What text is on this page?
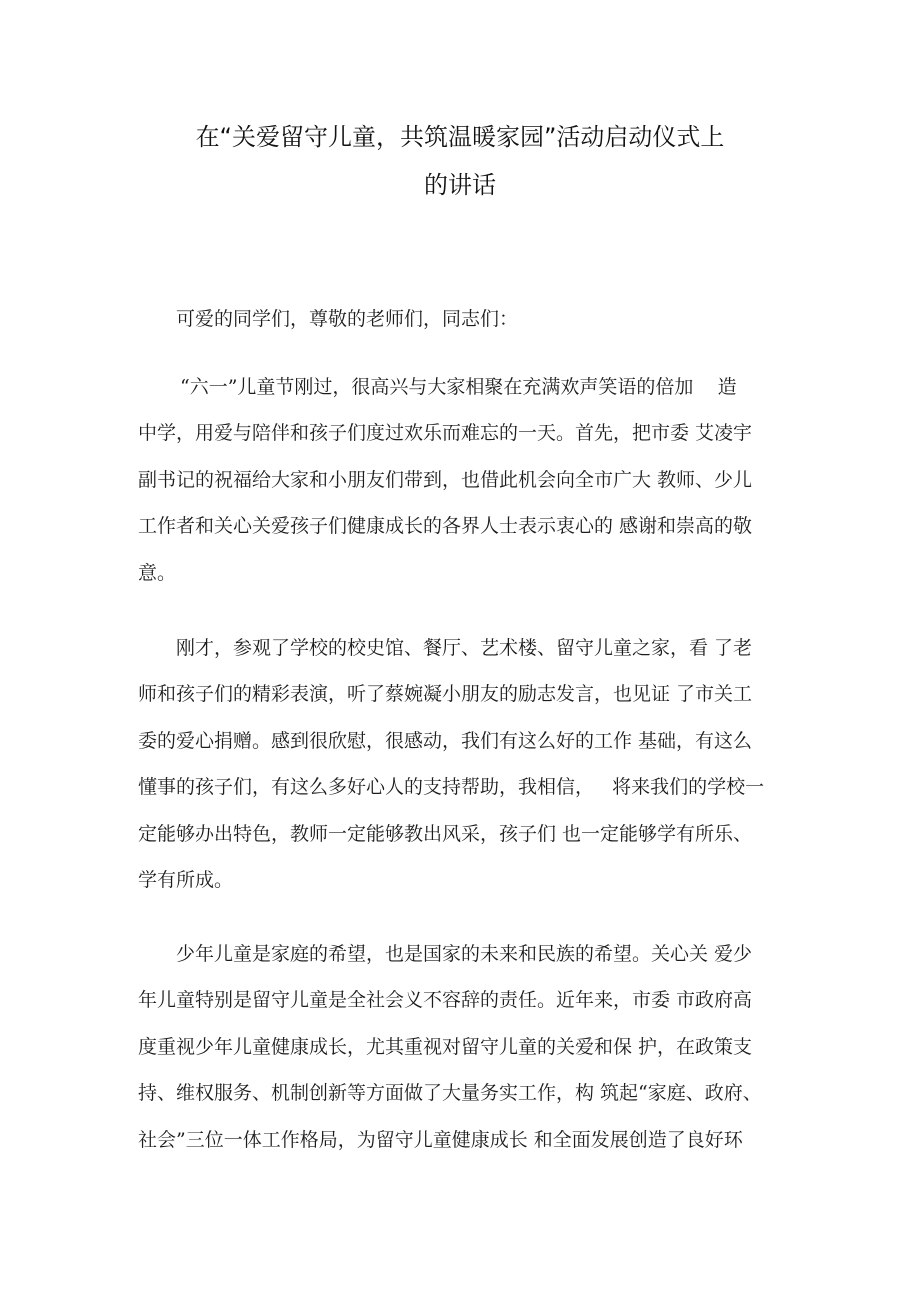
在“关爱留守儿童，共筑温暖家园”活动启动仪式上
的讲话

可爱的同学们，尊敬的老师们，同志们：

“六一”儿童节刚过，很高兴与大家相聚在充满欢声笑语的倍加    造
中学，用爱与陪伴和孩子们度过欢乐而难忘的一天。首先，把市委 艾凌宇
副书记的祝福给大家和小朋友们带到，也借此机会向全市广大 教师、少儿
工作者和关心关爱孩子们健康成长的各界人士表示衷心的 感谢和崇高的敬
意。

刚才，参观了学校的校史馆、餐厅、艺术楼、留守儿童之家，看 了老
师和孩子们的精彩表演，听了蔡婉凝小朋友的励志发言，也见证 了市关工
委的爱心捐赠。感到很欣慰，很感动，我们有这么好的工作 基础，有这么
懂事的孩子们，有这么多好心人的支持帮助，我相信，   将来我们的学校一
定能够办出特色，教师一定能够教出风采，孩子们 也一定能够学有所乐、
学有所成。

少年儿童是家庭的希望，也是国家的未来和民族的希望。关心关 爱少
年儿童特别是留守儿童是全社会义不容辞的责任。近年来，市委 市政府高
度重视少年儿童健康成长，尤其重视对留守儿童的关爱和保 护，在政策支
持、维权服务、机制创新等方面做了大量务实工作，构 筑起“家庭、政府、
社会”三位一体工作格局，为留守儿童健康成长 和全面发展创造了良好环
